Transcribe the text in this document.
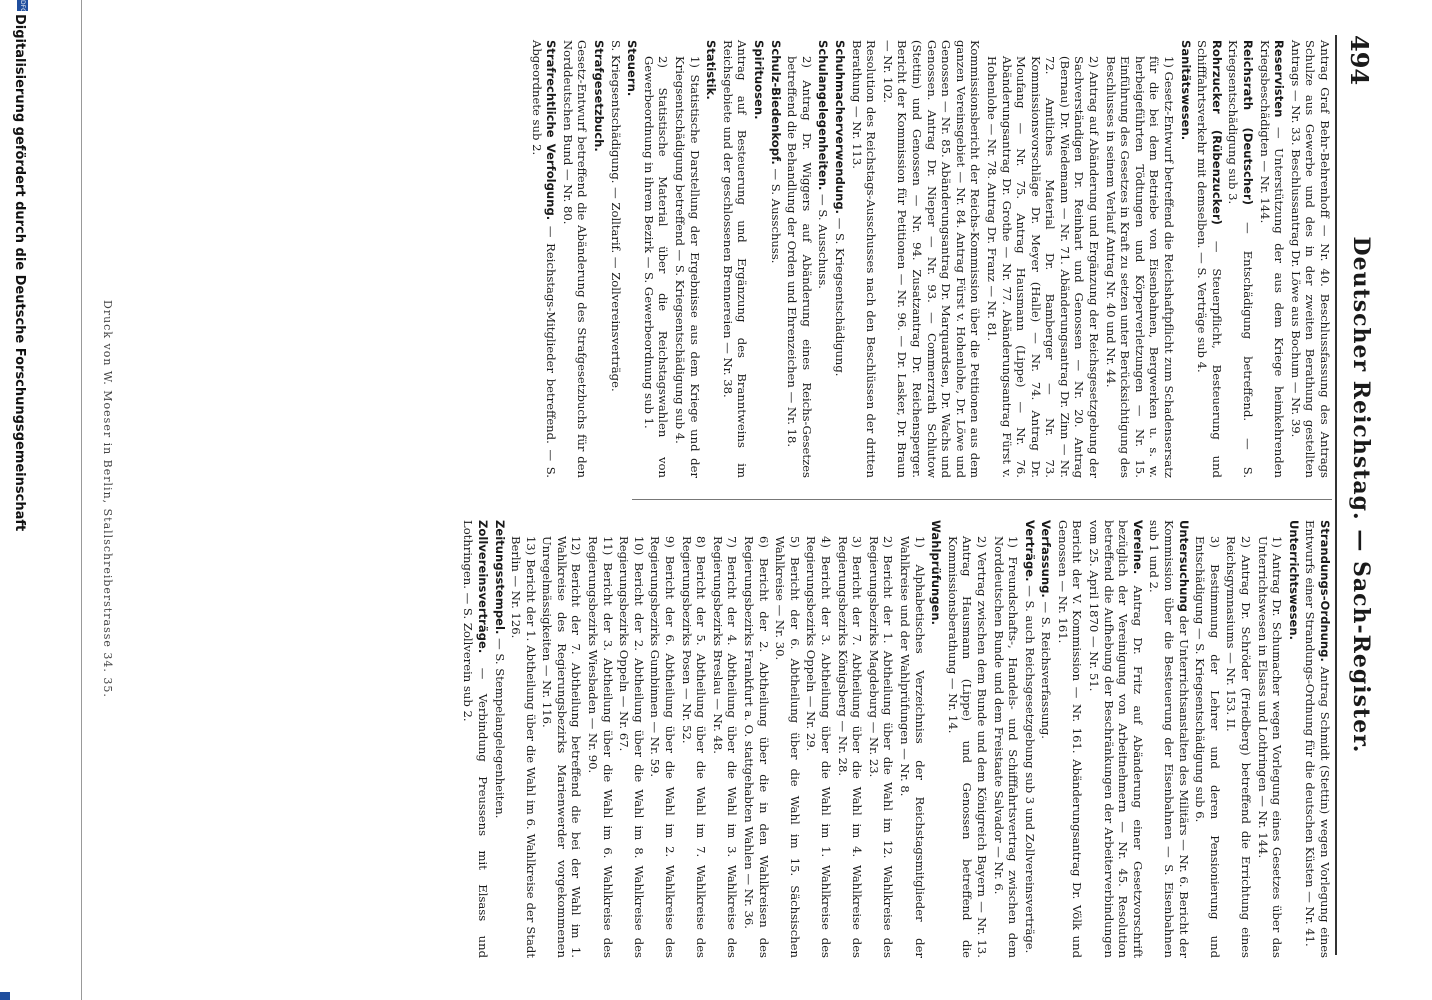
494
Deutscher Reichstag. — Sach-Register.
Antrag Graf Behr-Behrenhoff — Nr. 40. Beschlussfassung des Antrags Schulze aus Gewerbe und des in der zweiten Berathung gestellten Antrags — Nr. 33. Beschlussantrag Dr. Löwe aus Bochum — Nr. 39.
Reservisten — Unterstützung der aus dem Kriege heimkehrenden Kriegsbeschädigten — Nr. 144.
Reichsrath (Deutscher) — Entschädigung betreffend. — S. Kriegsentschädigung sub 3.
Rohrzucker (Rübenzucker) — Steuerpflicht, Besteuerung und Schifffahrtsverkehr mit demselben. — S. Verträge sub 4.
Sanitätswesen.
1) Gesetz-Entwurf betreffend die Reichshaftpflicht zum Schadensersatz für die bei dem Betriebe von Eisenbahnen, Bergwerken u. s. w. herbeigeführten Tödtungen und Körperverletzungen — Nr. 15. Einführung des Gesetzes in Kraft zu setzen unter Berücksichtigung des Beschlusses in seinem Verlauf Antrag Nr. 40 und Nr. 44.
2) Antrag auf Abänderung und Ergänzung der Reichsgesetzgebung der Sachverständigen Dr. Reinhart und Genossen — Nr. 20. Antrag (Bernau) Dr. Wiedemann — Nr. 71. Abänderungsantrag Dr. Zinn — Nr. 72. Amtliches Material Dr. Bamberger — Nr. 73. Kommissionsvorschläge Dr. Meyer (Halle) — Nr. 74. Antrag Dr. Moufang — Nr. 75. Antrag Hausmann (Lippe) — Nr. 76. Abänderungsantrag Dr. Grothe — Nr. 77. Abänderungsantrag Fürst v. Hohenlohe — Nr. 78. Antrag Dr. Franz — Nr. 81.
Kommissionsbericht der Reichs-Kommission über die Petitionen aus dem ganzen Vereinsgebiet — Nr. 84. Antrag Fürst v. Hohenlohe, Dr. Löwe und Genossen — Nr. 85. Abänderungsantrag Dr. Marquardsen, Dr. Wachs und Genossen. Antrag Dr. Nieper — Nr. 93. — Commerzrath Schlutow (Stettin) und Genossen — Nr. 94. Zusatzantrag Dr. Reichensperger. Bericht der Kommission für Petitionen — Nr. 96. — Dr. Lasker, Dr. Braun — Nr. 102.
Resolution des Reichstags-Ausschusses nach den Beschlüssen der dritten Berathung — Nr. 113.
Schuhmacherverwendung. — S. Kriegsentschädigung.
Schulangelegenheiten. — S. Ausschuss.
2) Antrag Dr. Wiggers auf Abänderung eines Reichs-Gesetzes betreffend die Behandlung der Orden und Ehrenzeichen — Nr. 18.
Schulz-Biedenkopf. — S. Ausschuss.
Spirituosen.
Antrag auf Besteuerung und Ergänzung des Branntweins im Reichsgebiete und der geschlossenen Brennereien — Nr. 38.
Statistik.
1) Statistische Darstellung der Ergebnisse aus dem Kriege und der Kriegsentschädigung betreffend — S. Kriegsentschädigung sub 4.
2) Statistische Material über die Reichstagswahlen von Gewerbeordnung in ihrem Bezirk — S. Gewerbeordnung sub 1.
Steuern.
S. Kriegsentschädigung. — Zolltarif. — Zollvereinsverträge.
Strafgesetzbuch.
Gesetz-Entwurf betreffend die Abänderung des Strafgesetzbuchs für den Norddeutschen Bund — Nr. 80.
Strafrechtliche Verfolgung. — Reichstags-Mitglieder betreffend. — S. Abgeordnete sub 2.
Strandungs-Ordnung. Antrag Schmidt (Stettin) wegen Vorlegung eines Entwurfs einer Strandungs-Ordnung für die deutschen Küsten — Nr. 41.
Unterrichtswesen.
1) Antrag Dr. Schumacher wegen Vorlegung eines Gesetzes über das Unterrichtswesen in Elsass und Lothringen — Nr. 144.
2) Antrag Dr. Schröder (Friedberg) betreffend die Errichtung eines Reichsgymnasiums — Nr. 153. II.
3) Bestimmung der Lehrer und deren Pensionierung und Entschädigung — S. Kriegsentschädigung sub 6.
Untersuchung der Unterrichtsanstalten des Militärs — Nr. 6. Bericht der Kommission über die Besteuerung der Eisenbahnen — S. Eisenbahnen sub 1 und 2.
Vereine. Antrag Dr. Fritz auf Abänderung einer Gesetzvorschrift bezüglich der Vereinigung von Arbeitnehmern — Nr. 45. Resolution betreffend die Aufhebung der Beschränkungen der Arbeiterverbindungen vom 25. April 1870 — Nr. 51.
Bericht der V. Kommission — Nr. 161. Abänderungsantrag Dr. Völk und Genossen — Nr. 161.
Verfassung. — S. Reichsverfassung.
Verträge. — S. auch Reichsgesetzgebung sub 3 und Zollvereinsverträge.
1) Freundschafts-, Handels- und Schifffahrtsvertrag zwischen dem Norddeutschen Bunde und dem Freistaate Salvador — Nr. 6.
2) Vertrag zwischen dem Bunde und dem Königreich Bayern — Nr. 13. Antrag Hausmann (Lippe) und Genossen betreffend die Kommissionsberathung — Nr. 14.
Wahlprüfungen.
1) Alphabetisches Verzeichniss der Reichstagsmitglieder der Wahlkreise und der Wahlprüfungen — Nr. 8.
2) Bericht der 1. Abtheilung über die Wahl im 12. Wahlkreise des Regierungsbezirks Magdeburg — Nr. 23.
3) Bericht der 7. Abtheilung über die Wahl im 4. Wahlkreise des Regierungsbezirks Königsberg — Nr. 28.
4) Bericht der 3. Abtheilung über die Wahl im 1. Wahlkreise des Regierungsbezirks Oppeln — Nr. 29.
5) Bericht der 6. Abtheilung über die Wahl im 15. Sächsischen Wahlkreise — Nr. 30.
6) Bericht der 2. Abtheilung über die in den Wahlkreisen des Regierungsbezirks Frankfurt a. O. stattgehabten Wahlen — Nr. 36.
7) Bericht der 4. Abtheilung über die Wahl im 3. Wahlkreise des Regierungsbezirks Breslau — Nr. 48.
8) Bericht der 5. Abtheilung über die Wahl im 7. Wahlkreise des Regierungsbezirks Posen — Nr. 52.
9) Bericht der 6. Abtheilung über die Wahl im 2. Wahlkreise des Regierungsbezirks Gumbinnen — Nr. 59.
10) Bericht der 2. Abtheilung über die Wahl im 8. Wahlkreise des Regierungsbezirks Oppeln — Nr. 67.
11) Bericht der 3. Abtheilung über die Wahl im 6. Wahlkreise des Regierungsbezirks Wiesbaden — Nr. 90.
12) Bericht der 7. Abtheilung betreffend die bei der Wahl im 1. Wahlkreise des Regierungsbezirks Marienwerder vorgekommenen Unregelmässigkeiten — Nr. 116.
13) Bericht der 1. Abtheilung über die Wahl im 6. Wahlkreise der Stadt Berlin — Nr. 126.
Zeitungsstempel. — S. Stempelangelegenheiten.
Zollvereinsverträge. — Verbindung Preussens mit Elsass und Lothringen. — S. Zollverein sub 2.
Druck von W. Moeser in Berlin, Stallschreiberstrasse 34. 35.
DFG
Digitalisierung gefördert durch die Deutsche Forschungsgemeinschaft
